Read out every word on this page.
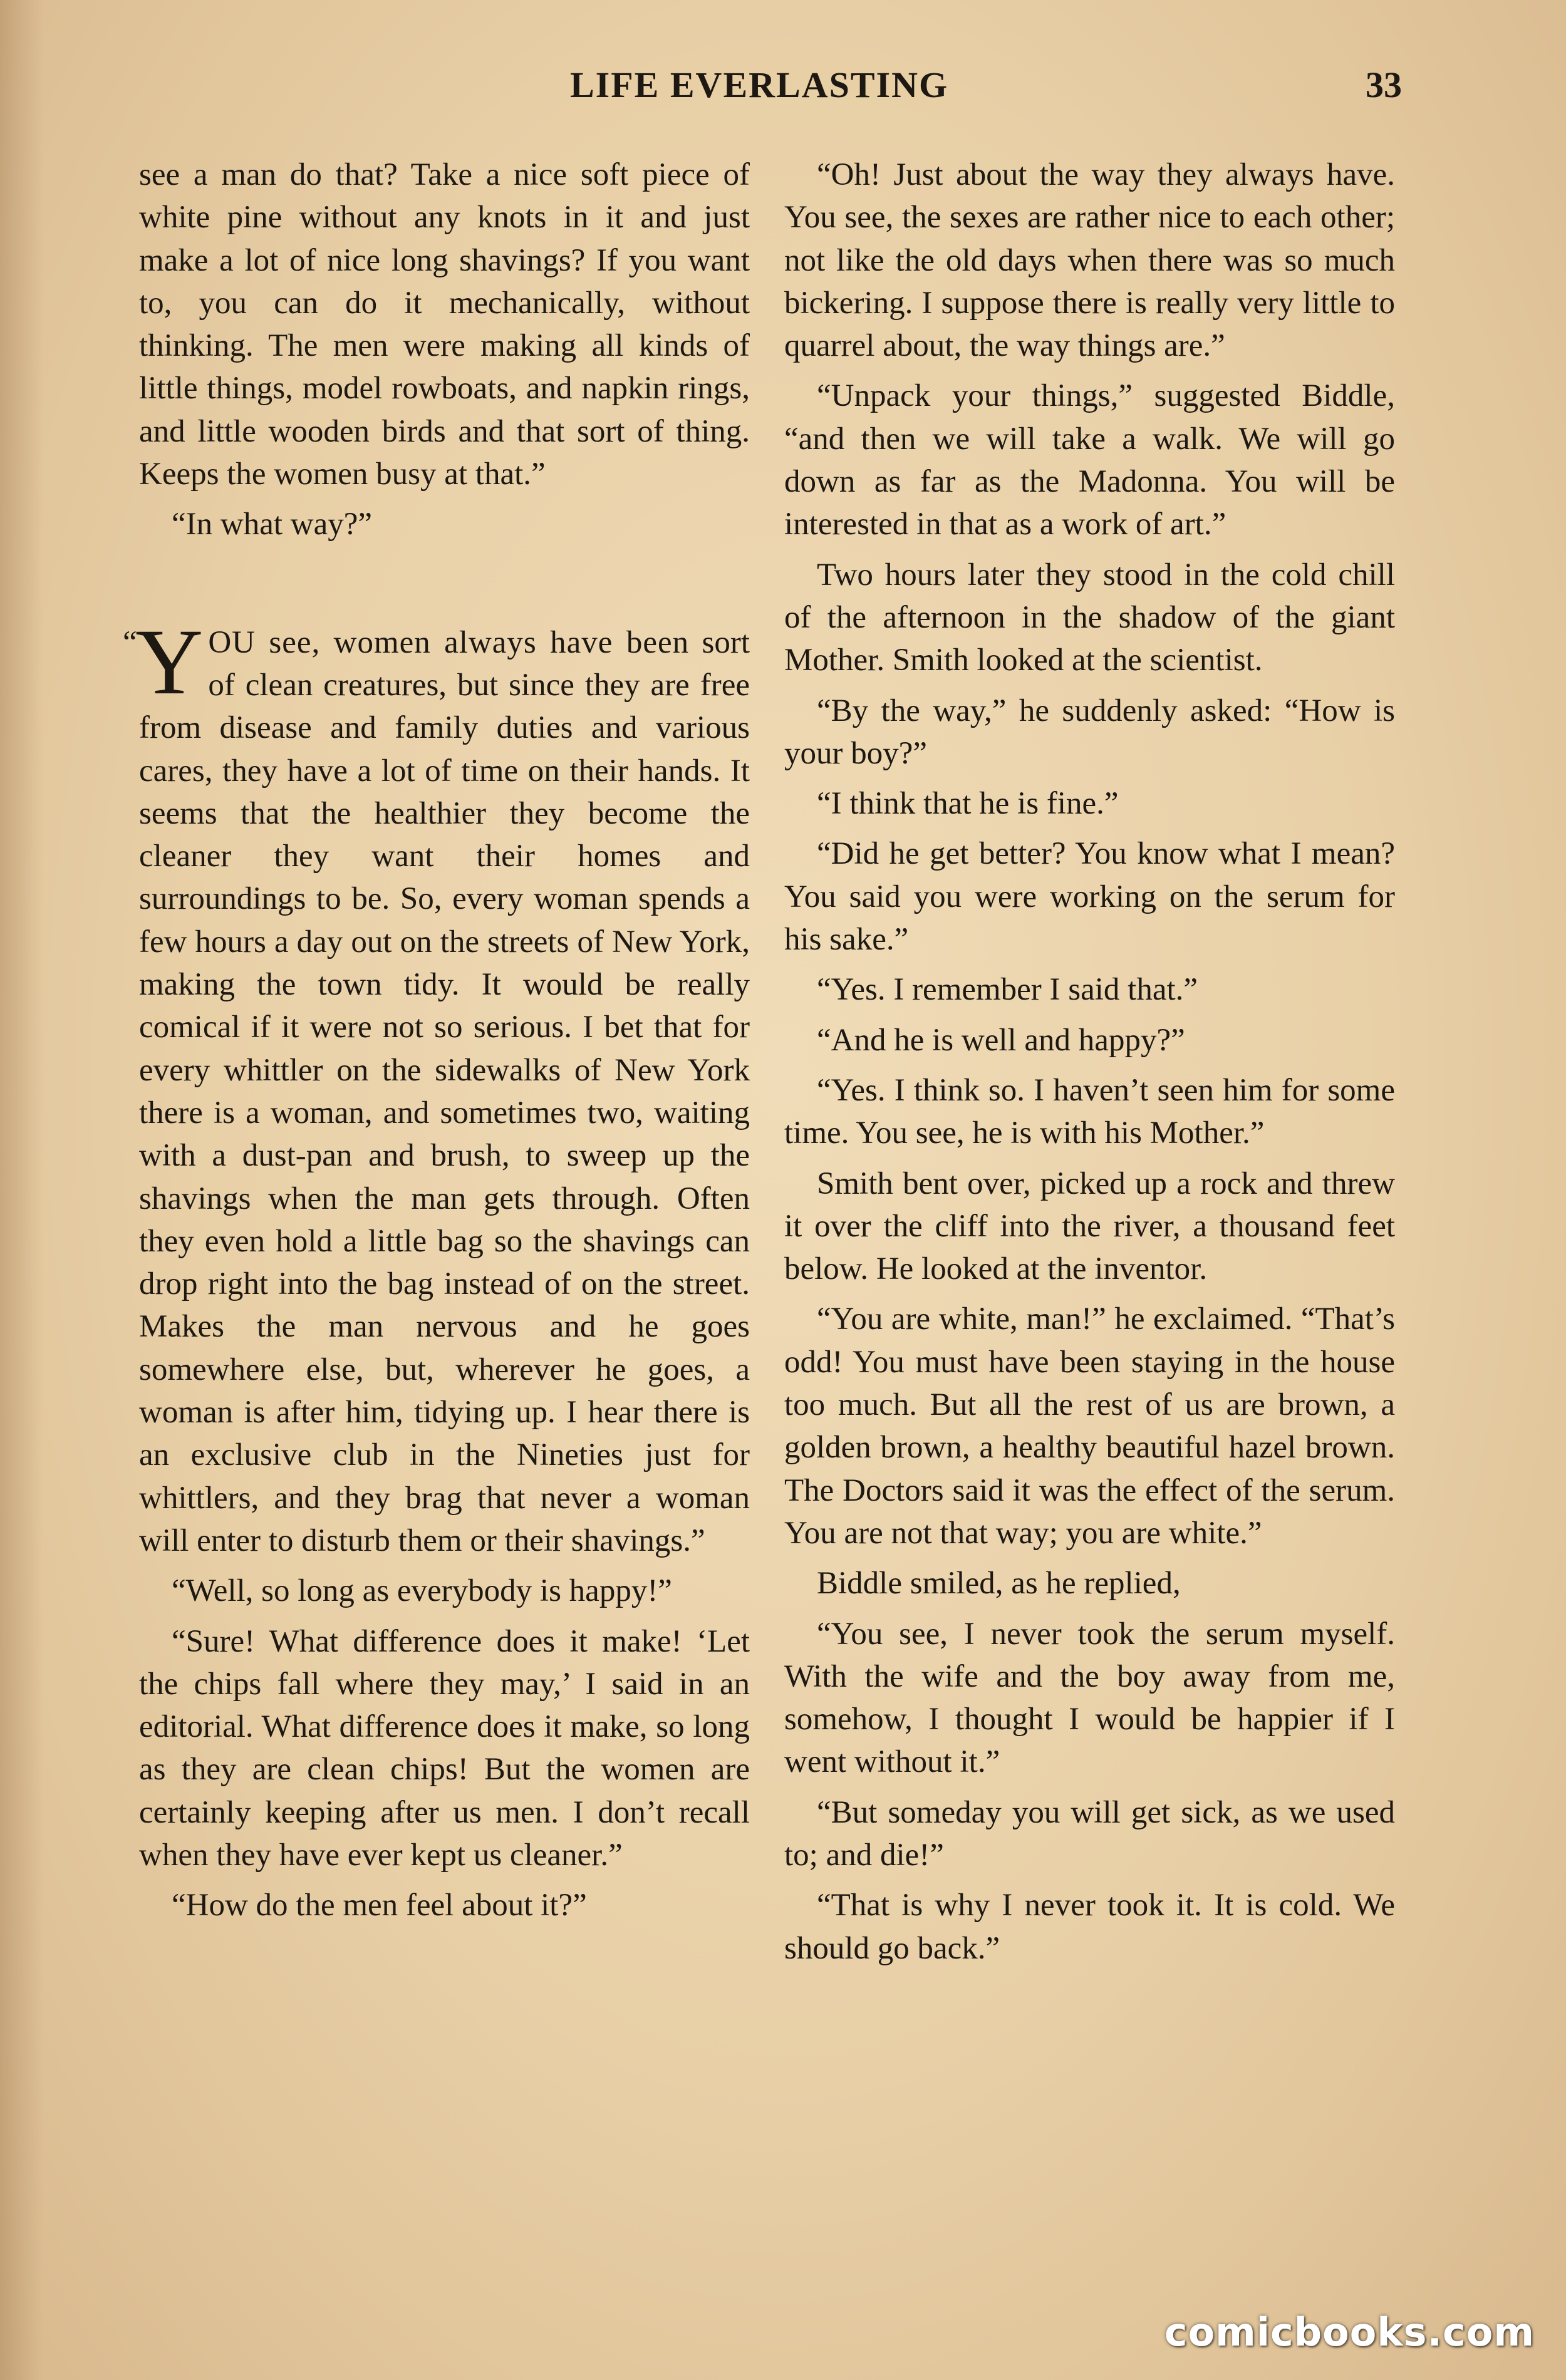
LIFE EVERLASTING	33

see a man do that? Take a nice soft piece of white pine without any knots in it and just make a lot of nice long shavings? If you want to, you can do it mechanically, without thinking. The men were making all kinds of little things, model rowboats, and napkin rings, and little wooden birds and that sort of thing. Keeps the women busy at that.”

“In what way?”

“
Y OU see, women always have been sort of clean creatures, but since they are free from disease and family duties and various cares, they have a lot of time on their hands. It seems that the healthier they become the cleaner they want their homes and surroundings to be. So, every woman spends a few hours a day out on the streets of New York, making the town tidy. It would be really comical if it were not so serious. I bet that for every whittler on the sidewalks of New York there is a woman, and sometimes two, waiting with a dust-pan and brush, to sweep up the shavings when the man gets through. Often they even hold a little bag so the shavings can drop right into the bag instead of on the street. Makes the man nervous and he goes somewhere else, but, wherever he goes, a woman is after him, tidying up. I hear there is an exclusive club in the Nineties just for whittlers, and they brag that never a woman will enter to disturb them or their shavings.”

“Well, so long as everybody is happy!”

“Sure! What difference does it make! ‘Let the chips fall where they may,’ I said in an editorial. What difference does it make, so long as they are clean chips! But the women are certainly keeping after us men. I don’t recall when they have ever kept us cleaner.”

“How do the men feel about it?”

“Oh! Just about the way they always have. You see, the sexes are rather nice to each other; not like the old days when there was so much bickering. I suppose there is really very little to quarrel about, the way things are.”

“Unpack your things,” suggested Biddle, “and then we will take a walk. We will go down as far as the Madonna. You will be interested in that as a work of art.”

Two hours later they stood in the cold chill of the afternoon in the shadow of the giant Mother. Smith looked at the scientist.

“By the way,” he suddenly asked: “How is your boy?”

“I think that he is fine.”

“Did he get better? You know what I mean? You said you were working on the serum for his sake.”

“Yes. I remember I said that.”

“And he is well and happy?”

“Yes. I think so. I haven’t seen him for some time. You see, he is with his Mother.”

Smith bent over, picked up a rock and threw it over the cliff into the river, a thousand feet below. He looked at the inventor.

“You are white, man!” he exclaimed. “That’s odd! You must have been staying in the house too much. But all the rest of us are brown, a golden brown, a healthy beautiful hazel brown. The Doctors said it was the effect of the serum. You are not that way; you are white.”

Biddle smiled, as he replied,

“You see, I never took the serum myself. With the wife and the boy away from me, somehow, I thought I would be happier if I went without it.”

“But someday you will get sick, as we used to; and die!”

“That is why I never took it. It is cold. We should go back.”

comicbooks.com
